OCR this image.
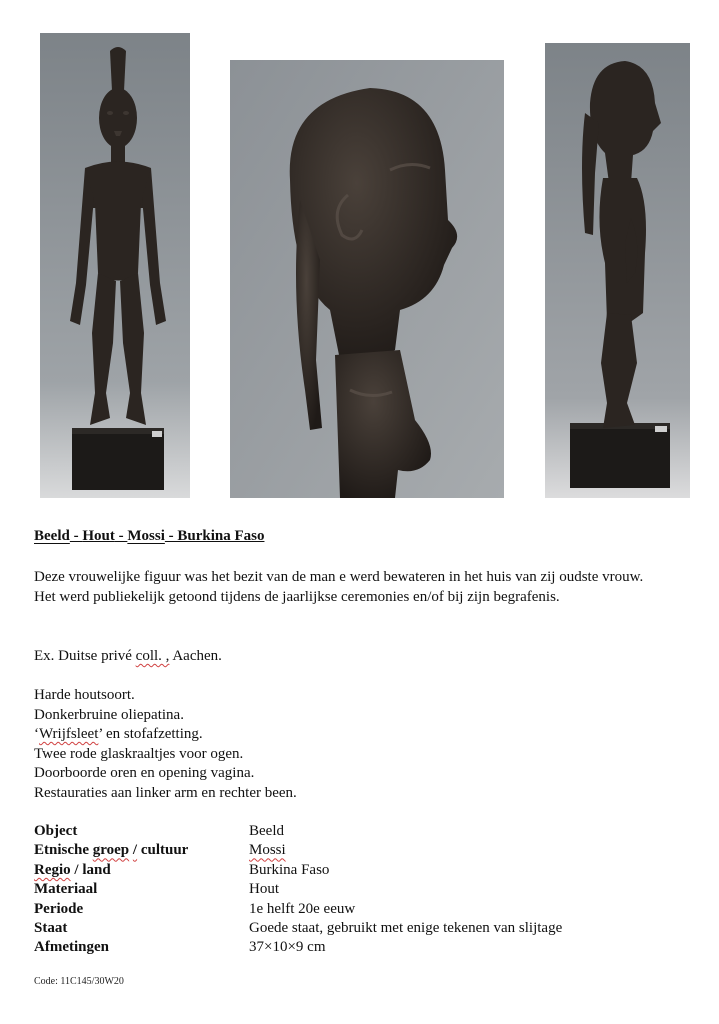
Beeld - Hout - Mossi - Burkina Faso

Deze vrouwelijke figuur was het bezit van de man e werd bewateren in het huis van zij oudste vrouw.

Het werd publiekelijk getoond tijdens de jaarlijkse ceremonies en/of bij zijn begrafenis.

Ex. Duitse privé coll. , Aachen.

Harde houtsoort.

Donkerbruine oliepatina.

‘Wrijfsleet’ en stofafzetting.

Twee rode glaskraaltjes voor ogen.

Doorboorde oren en opening vagina.

Restauraties aan linker arm en rechter been.

Object	Beeld
Etnische groep / cultuur	Mossi
Regio / land	Burkina Faso
Materiaal	Hout
Periode	1e helft 20e eeuw
Staat	Goede staat, gebruikt met enige tekenen van slijtage
Afmetingen	37×10×9 cm
Code: 11C145/30W20
